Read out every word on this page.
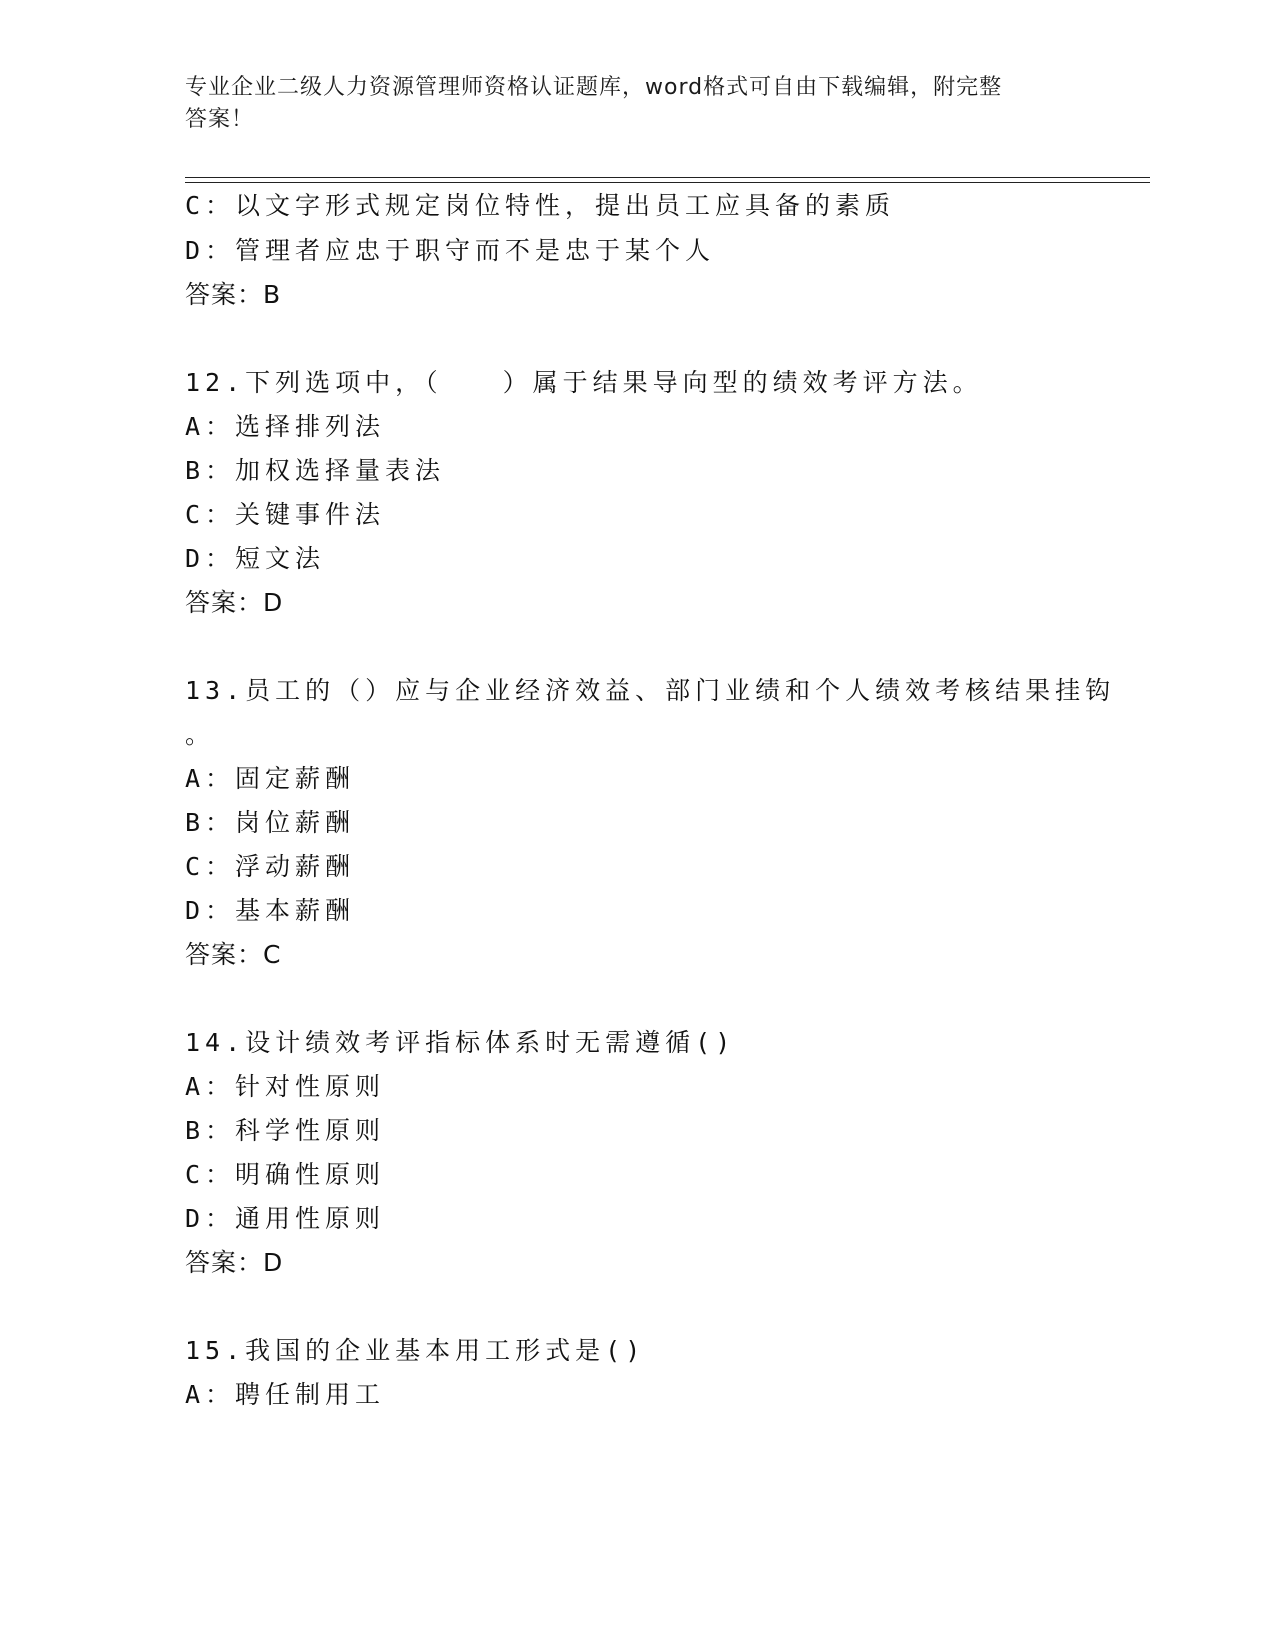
专业企业二级人力资源管理师资格认证题库，word格式可自由下载编辑，附完整
答案！
C：以文字形式规定岗位特性，提出员工应具备的素质
D：管理者应忠于职守而不是忠于某个人
答案：B
12.下列选项中，（　　）属于结果导向型的绩效考评方法。
A：选择排列法
B：加权选择量表法
C：关键事件法
D：短文法
答案：D
13.员工的（）应与企业经济效益、部门业绩和个人绩效考核结果挂钩
。
A：固定薪酬
B：岗位薪酬
C：浮动薪酬
D：基本薪酬
答案：C
14.设计绩效考评指标体系时无需遵循()
A：针对性原则
B：科学性原则
C：明确性原则
D：通用性原则
答案：D
15.我国的企业基本用工形式是()
A：聘任制用工
